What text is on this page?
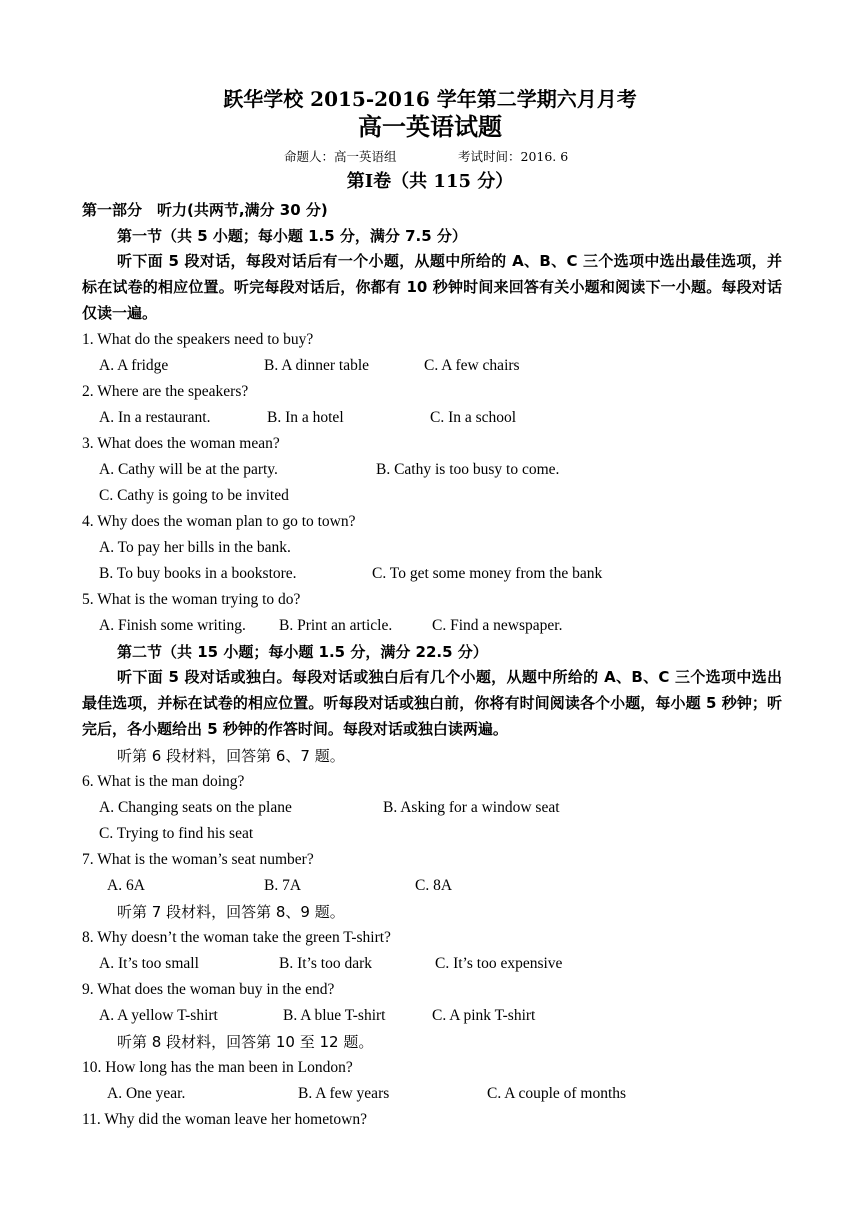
跃华学校 2015-2016 学年第二学期六月月考
高一英语试题
命题人：高一英语组	考试时间：2016. 6
第Ⅰ卷（共 115 分）
第一部分　听力(共两节,满分 30 分)
第一节（共 5 小题；每小题 1.5 分，满分 7.5 分）
听下面 5 段对话，每段对话后有一个小题，从题中所给的 A、B、C 三个选项中选出最佳选项，并标在试卷的相应位置。听完每段对话后，你都有 10 秒钟时间来回答有关小题和阅读下一小题。每段对话仅读一遍。
1. What do the speakers need to buy?
A. A fridge	B. A dinner table	C. A few chairs
2. Where are the speakers?
A. In a restaurant.	B. In a hotel	C. In a school
3. What does the woman mean?
A. Cathy will be at the party.	B. Cathy is too busy to come.
C. Cathy is going to be invited
4. Why does the woman plan to go to town?
A. To pay her bills in the bank.
B. To buy books in a bookstore.	C. To get some money from the bank
5. What is the woman trying to do?
A. Finish some writing. B. Print an article.	C. Find a newspaper.
第二节（共 15 小题；每小题 1.5 分，满分 22.5 分）
听下面 5 段对话或独白。每段对话或独白后有几个小题，从题中所给的 A、B、C 三个选项中选出最佳选项，并标在试卷的相应位置。听每段对话或独白前，你将有时间阅读各个小题，每小题 5 秒钟；听完后，各小题给出 5 秒钟的作答时间。每段对话或独白读两遍。
听第 6 段材料，回答第 6、7 题。
6. What is the man doing?
A. Changing seats on the plane	B. Asking for a window seat
C. Trying to find his seat
7. What is the woman’s seat number?
A. 6A	B. 7A	C. 8A
听第 7 段材料，回答第 8、9 题。
8. Why doesn’t the woman take the green T-shirt?
A. It’s too small	B. It’s too dark	C. It’s too expensive
9. What does the woman buy in the end?
A. A yellow T-shirt	B. A blue T-shirt	C. A pink T-shirt
听第 8 段材料，回答第 10 至 12 题。
10. How long has the man been in London?
A. One year.	B. A few years	C. A couple of months
11. Why did the woman leave her hometown?
